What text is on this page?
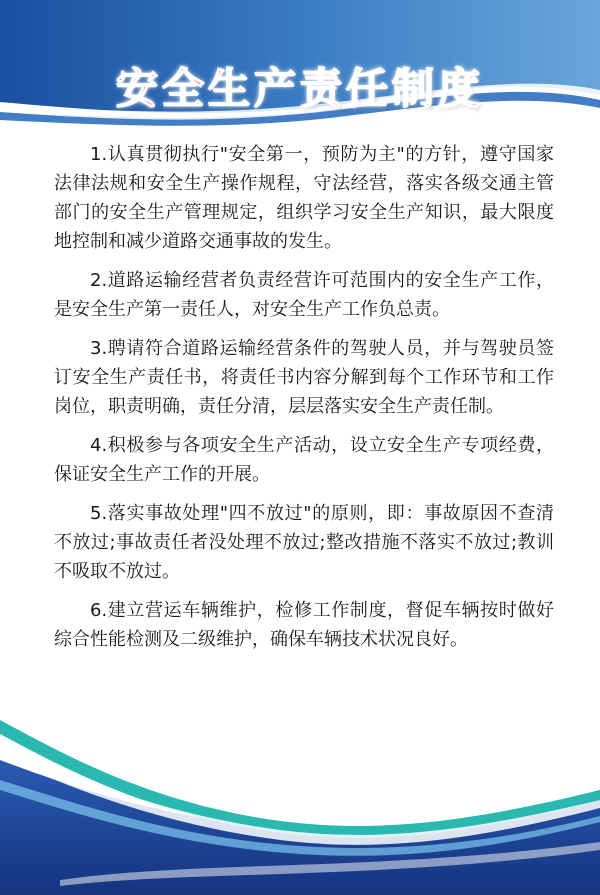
安全生产责任制度

1.认真贯彻执行"安全第一，预防为主"的方针，遵守国家法律法规和安全生产操作规程，守法经营，落实各级交通主管部门的安全生产管理规定，组织学习安全生产知识，最大限度地控制和减少道路交通事故的发生。

2.道路运输经营者负责经营许可范围内的安全生产工作，是安全生产第一责任人，对安全生产工作负总责。

3.聘请符合道路运输经营条件的驾驶人员，并与驾驶员签订安全生产责任书，将责任书内容分解到每个工作环节和工作岗位，职责明确，责任分清，层层落实安全生产责任制。

4.积极参与各项安全生产活动，设立安全生产专项经费，保证安全生产工作的开展。

5.落实事故处理"四不放过"的原则，即：事故原因不查清不放过;事故责任者没处理不放过;整改措施不落实不放过;教训不吸取不放过。

6.建立营运车辆维护，检修工作制度，督促车辆按时做好综合性能检测及二级维护，确保车辆技术状况良好。
